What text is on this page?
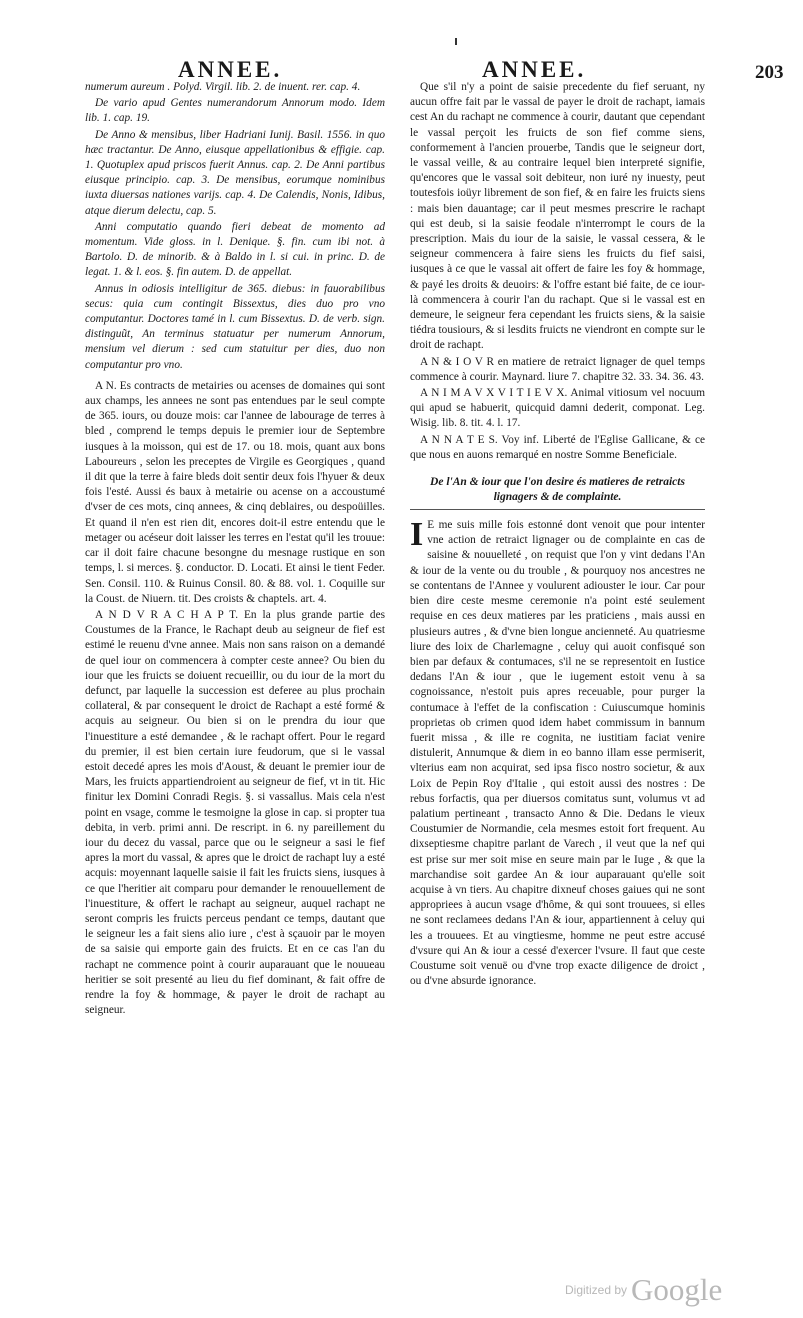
ANNEE.	ANNEE.	203

numerum aureum . Polyd. Virgil. lib. 2. de inuent. rer. cap. 4.

De vario apud Gentes numerandorum Annorum modo. Idem lib. 1. cap. 19.

De Anno & mensibus, liber Hadriani Iunij. Basil. 1556. in quo hæc tractantur. De Anno, eiusque appellationibus & effigie. cap. 1. Quotuplex apud priscos fuerit Annus. cap. 2. De Anni partibus eiusque principio. cap. 3. De mensibus, eorumque nominibus iuxta diuersas nationes varijs. cap. 4. De Calendis, Nonis, Idibus, atque dierum delectu, cap. 5.

Anni computatio quando fieri debeat de momento ad momentum. Vide gloss. in l. Denique. §. fin. cum ibi not. à Bartolo. D. de minorib. & à Baldo in l. si cui. in princ. D. de legat. 1. & l. eos. §. fin autem. D. de appellat.

Annus in odiosis intelligitur de 365. diebus: in fauorabilibus secus: quia cum contingit Bissextus, dies duo pro vno computantur. Doctores tamé in l. cum Bissextus. D. de verb. sign. distinguũt, An terminus statuatur per numerum Annorum, mensium vel dierum : sed cum statuitur per dies, duo non computantur pro vno.

A N. Es contracts de metairies ou acenses de domaines qui sont aux champs, les annees ne sont pas entendues par le seul compte de 365. iours, ou douze mois: car l'annee de labourage de terres à bled , comprend le temps depuis le premier iour de Septembre iusques à la moisson, qui est de 17. ou 18. mois, quant aux bons Laboureurs , selon les preceptes de Virgile es Georgiques , quand il dit que la terre à faire bleds doit sentir deux fois l'hyuer & deux fois l'esté. Aussi és baux à metairie ou acense on a accoustumé d'vser de ces mots, cinq annees, & cinq deblaires, ou despoüilles. Et quand il n'en est rien dit, encores doit-il estre entendu que le metager ou acéseur doit laisser les terres en l'estat qu'il les trouue: car il doit faire chacune besongne du mesnage rustique en son temps, l. si merces. §. conductor. D. Locati. Et ainsi le tient Feder. Sen. Consil. 110. & Ruinus Consil. 80. & 88. vol. 1. Coquille sur la Coust. de Niuern. tit. Des croists & chaptels. art. 4.

A N D V R A C H A P T. En la plus grande partie des Coustumes de la France, le Rachapt deub au seigneur de fief est estimé le reuenu d'vne annee. Mais non sans raison on a demandé de quel iour on commencera à compter ceste annee? Ou bien du iour que les fruicts se doiuent recueillir, ou du iour de la mort du defunct, par laquelle la succession est deferee au plus prochain collateral, & par consequent le droict de Rachapt a esté formé & acquis au seigneur. Ou bien si on le prendra du iour que l'inuestiture a esté demandee , & le rachapt offert. Pour le regard du premier, il est bien certain iure feudorum, que si le vassal estoit decedé apres les mois d'Aoust, & deuant le premier iour de Mars, les fruicts appartiendroient au seigneur de fief, vt in tit. Hic finitur lex Domini Conradi Regis. §. si vassallus. Mais cela n'est point en vsage, comme le tesmoigne la glose in cap. si propter tua debita, in verb. primi anni. De rescript. in 6. ny pareillement du iour du decez du vassal, parce que ou le seigneur a sasi le fief apres la mort du vassal, & apres que le droict de rachapt luy a esté acquis: moyennant laquelle saisie il fait les fruicts siens, iusques à ce que l'heritier ait comparu pour demander le renouuellement de l'inuestiture, & offert le rachapt au seigneur, auquel rachapt ne seront compris les fruicts perceus pendant ce temps, dautant que le seigneur les a fait siens alio iure , c'est à sçauoir par le moyen de sa saisie qui emporte gain des fruicts. Et en ce cas l'an du rachapt ne commence point à courir auparauant que le nouueau heritier se soit presenté au lieu du fief dominant, & fait offre de rendre la foy & hommage, & payer le droit de rachapt au seigneur.

Que s'il n'y a point de saisie precedente du fief seruant, ny aucun offre fait par le vassal de payer le droit de rachapt, iamais cest An du rachapt ne commence à courir, dautant que cependant le vassal perçoit les fruicts de son fief comme siens, conformement à l'ancien prouerbe, Tandis que le seigneur dort, le vassal veille, & au contraire lequel bien interpreté signifie, qu'encores que le vassal soit debiteur, non iuré ny inuesty, peut toutesfois ioüyr librement de son fief, & en faire les fruicts siens : mais bien dauantage; car il peut mesmes prescrire le rachapt qui est deub, si la saisie feodale n'interrompt le cours de la prescription. Mais du iour de la saisie, le vassal cessera, & le seigneur commencera à faire siens les fruicts du fief saisi, iusques à ce que le vassal ait offert de faire les foy & hommage, & payé les droits & deuoirs: & l'offre estant bié faite, de ce iour-là commencera à courir l'an du rachapt. Que si le vassal est en demeure, le seigneur fera cependant les fruicts siens, & la saisie tiédra tousiours, & si lesdits fruicts ne viendront en compte sur le droit de rachapt.

A N & I O V R en matiere de retraict lignager de quel temps commence à courir. Maynard. liure 7. chapitre 32. 33. 34. 36. 43.

A N I M A V X V I T I E V X. Animal vitiosum vel nocuum qui apud se habuerit, quicquid damni dederit, componat. Leg. Wisig. lib. 8. tit. 4. l. 17.

A N N A T E S. Voy inf. Liberté de l'Eglise Gallicane, & ce que nous en auons remarqué en nostre Somme Beneficiale.

De l'An & iour que l'on desire és matieres de retraicts lignagers & de complainte.

I E me suis mille fois estonné dont venoit que pour intenter vne action de retraict lignager ou de complainte en cas de saisine & nouuelleté , on requist que l'on y vint dedans l'An & iour de la vente ou du trouble , & pourquoy nos ancestres ne se contentans de l'Annee y voulurent adiouster le iour. Car pour bien dire ceste mesme ceremonie n'a point esté seulement requise en ces deux matieres par les praticiens , mais aussi en plusieurs autres , & d'vne bien longue ancienneté. Au quatriesme liure des loix de Charlemagne , celuy qui auoit confisqué son bien par defaux & contumaces, s'il ne se representoit en Iustice dedans l'An & iour , que le iugement estoit venu à sa cognoissance, n'estoit puis apres receuable, pour purger la contumace à l'effet de la confiscation : Cuiuscumque hominis proprietas ob crimen quod idem habet commissum in bannum fuerit missa , & ille re cognita, ne iustitiam faciat venire distulerit, Annumque & diem in eo banno illam esse permiserit, vlterius eam non acquirat, sed ipsa fisco nostro societur, & aux Loix de Pepin Roy d'Italie , qui estoit aussi des nostres : De rebus forfactis, qua per diuersos comitatus sunt, volumus vt ad palatium pertineant , transacto Anno & Die. Dedans le vieux Coustumier de Normandie, cela mesmes estoit fort frequent. Au dixseptiesme chapitre parlant de Varech , il veut que la nef qui est prise sur mer soit mise en seure main par le Iuge , & que la marchandise soit gardee An & iour auparauant qu'elle soit acquise à vn tiers. Au chapitre dixneuf choses gaiues qui ne sont appropriees à aucun vsage d'hôme, & qui sont trouuees, si elles ne sont reclamees dedans l'An & iour, appartiennent à celuy qui les a trouuees. Et au vingtiesme, homme ne peut estre accusé d'vsure qui An & iour a cessé d'exercer l'vsure. Il faut que ceste Coustume soit venuë ou d'vne trop exacte diligence de droict , ou d'vne absurde ignorance.

Digitized by Google
